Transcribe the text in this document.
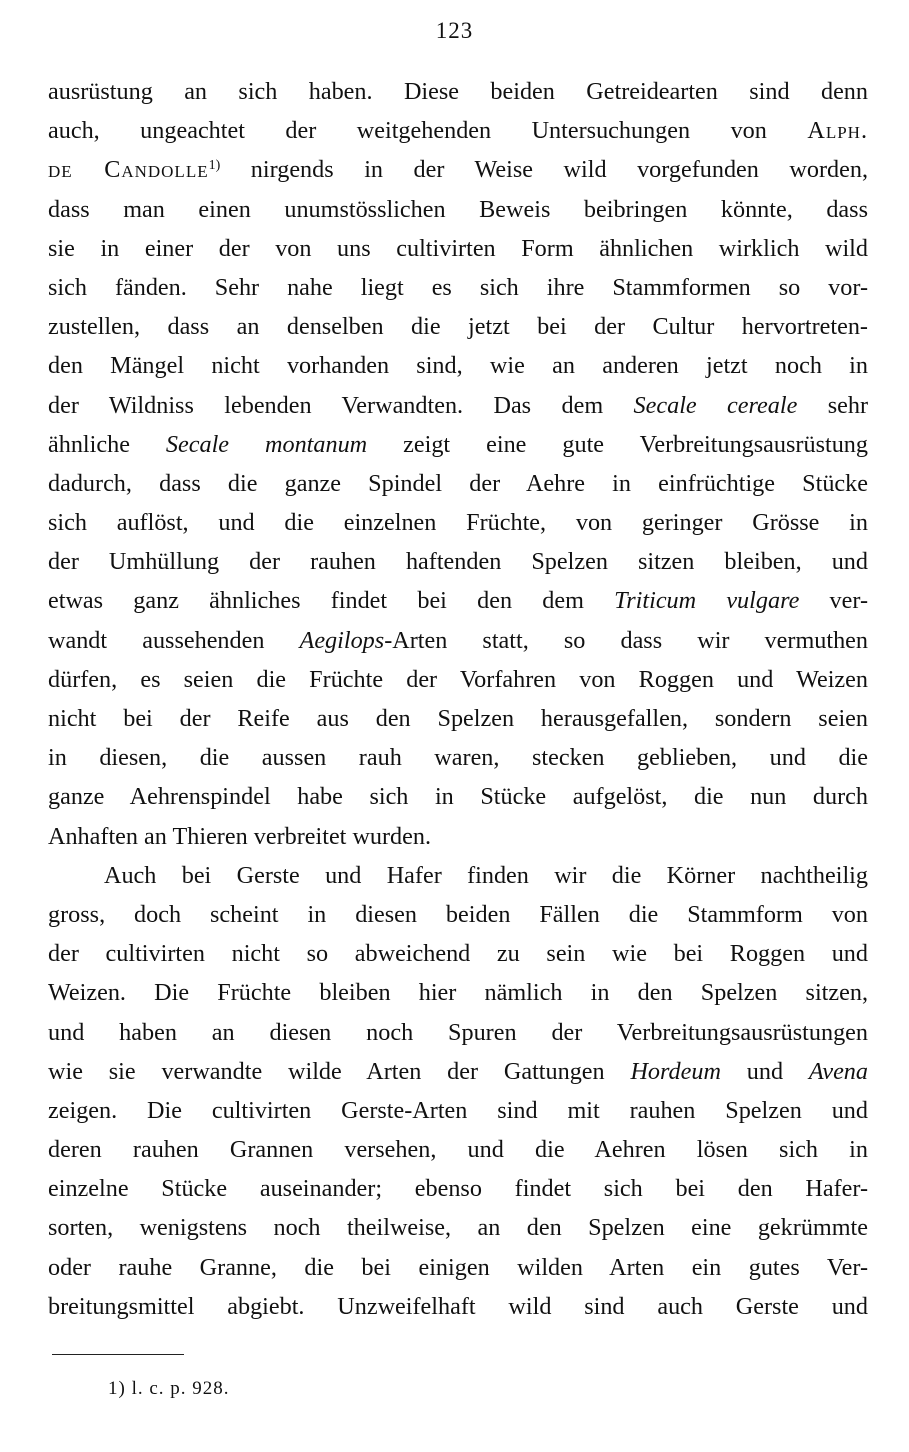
123
ausrüstung an sich haben. Diese beiden Getreidearten sind denn
auch, ungeachtet der weitgehenden Untersuchungen von Alph.
de Candolle$^{1)}$ nirgends in der Weise wild vorgefunden worden,
dass man einen unumstösslichen Beweis beibringen könnte, dass
sie in einer der von uns cultivirten Form ähnlichen wirklich wild
sich fänden. Sehr nahe liegt es sich ihre Stammformen so vor-
zustellen, dass an denselben die jetzt bei der Cultur hervortreten-
den Mängel nicht vorhanden sind, wie an anderen jetzt noch in
der Wildniss lebenden Verwandten. Das dem Secale cereale sehr
ähnliche Secale montanum zeigt eine gute Verbreitungsausrüstung
dadurch, dass die ganze Spindel der Aehre in einfrüchtige Stücke
sich auflöst, und die einzelnen Früchte, von geringer Grösse in
der Umhüllung der rauhen haftenden Spelzen sitzen bleiben, und
etwas ganz ähnliches findet bei den dem Triticum vulgare ver-
wandt aussehenden Aegilops-Arten statt, so dass wir vermuthen
dürfen, es seien die Früchte der Vorfahren von Roggen und Weizen
nicht bei der Reife aus den Spelzen herausgefallen, sondern seien
in diesen, die aussen rauh waren, stecken geblieben, und die
ganze Aehrenspindel habe sich in Stücke aufgelöst, die nun durch
Anhaften an Thieren verbreitet wurden.
Auch bei Gerste und Hafer finden wir die Körner nachtheilig
gross, doch scheint in diesen beiden Fällen die Stammform von
der cultivirten nicht so abweichend zu sein wie bei Roggen und
Weizen. Die Früchte bleiben hier nämlich in den Spelzen sitzen,
und haben an diesen noch Spuren der Verbreitungsausrüstungen
wie sie verwandte wilde Arten der Gattungen Hordeum und Avena
zeigen. Die cultivirten Gerste-Arten sind mit rauhen Spelzen und
deren rauhen Grannen versehen, und die Aehren lösen sich in
einzelne Stücke auseinander; ebenso findet sich bei den Hafer-
sorten, wenigstens noch theilweise, an den Spelzen eine gekrümmte
oder rauhe Granne, die bei einigen wilden Arten ein gutes Ver-
breitungsmittel abgiebt. Unzweifelhaft wild sind auch Gerste und
1) l. c. p. 928.
